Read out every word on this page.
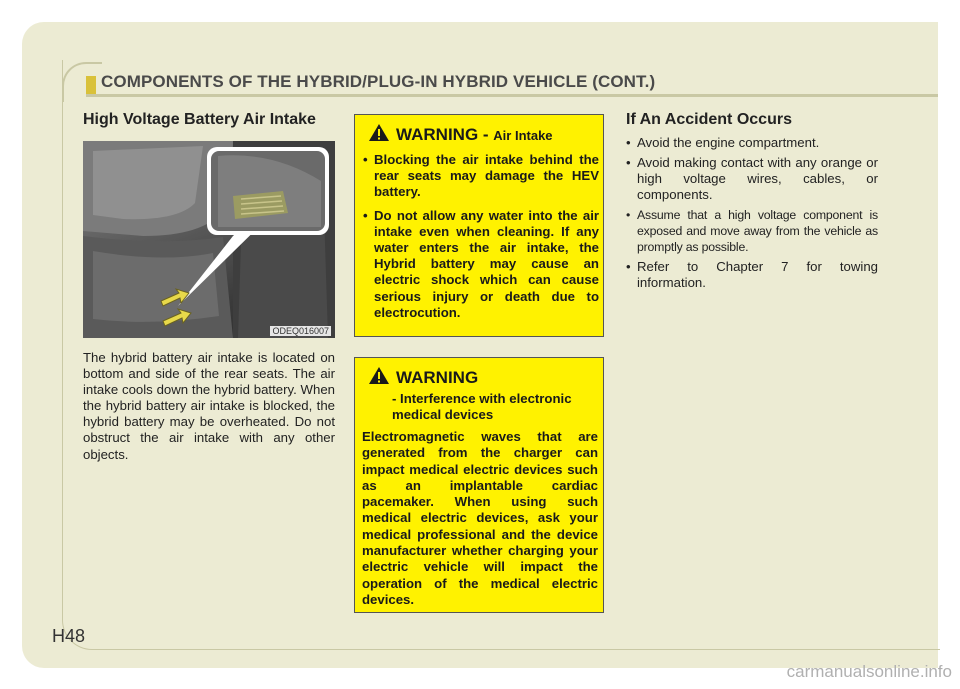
COMPONENTS OF THE HYBRID/PLUG-IN HYBRID VEHICLE (CONT.)
High Voltage Battery Air Intake
ODEQ016007
The hybrid battery air intake is located on bottom and side of the rear seats. The air intake cools down the hybrid battery. When the hybrid battery air intake is blocked, the hybrid battery may be overheated. Do not obstruct the air intake with any other objects.
WARNING - Air Intake
• Blocking the air intake behind the rear seats may damage the HEV battery.
• Do not allow any water into the air intake even when cleaning. If any water enters the air intake, the Hybrid battery may cause an electric shock which can cause serious injury or death due to electrocution.
WARNING
- Interference with electronic medical devices
Electromagnetic waves that are generated from the charger can impact medical electric devices such as an implantable cardiac pacemaker. When using such medical electric devices, ask your medical professional and the device manufacturer whether charging your electric vehicle will impact the operation of the medical electric devices.
If An Accident Occurs
• Avoid the engine compartment.
• Avoid making contact with any orange or high voltage wires, cables, or components.
• Assume that a high voltage component is exposed and move away from the vehicle as promptly as possible.
• Refer to Chapter 7 for towing information.
H48
carmanualsonline.info
